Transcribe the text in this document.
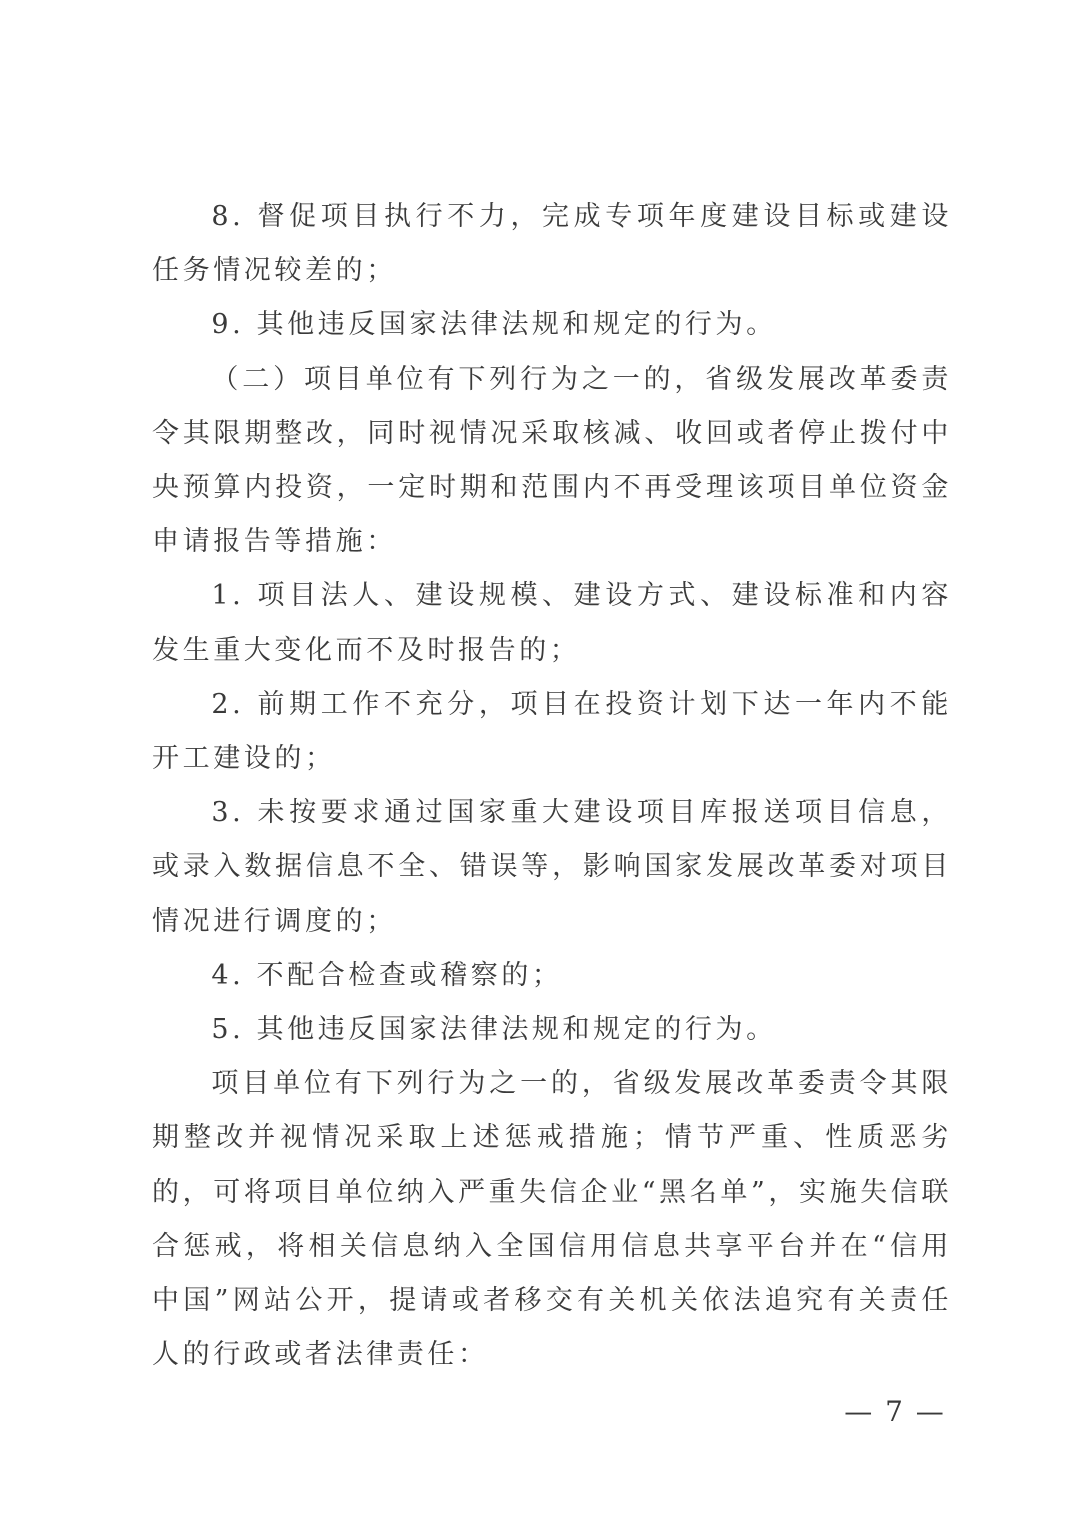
8. 督促项目执行不力，完成专项年度建设目标或建设任务情况较差的；

9. 其他违反国家法律法规和规定的行为。

（二）项目单位有下列行为之一的，省级发展改革委责令其限期整改，同时视情况采取核减、收回或者停止拨付中央预算内投资，一定时期和范围内不再受理该项目单位资金申请报告等措施：

1. 项目法人、建设规模、建设方式、建设标准和内容发生重大变化而不及时报告的；

2. 前期工作不充分，项目在投资计划下达一年内不能开工建设的；

3. 未按要求通过国家重大建设项目库报送项目信息，或录入数据信息不全、错误等，影响国家发展改革委对项目情况进行调度的；

4. 不配合检查或稽察的；

5. 其他违反国家法律法规和规定的行为。

项目单位有下列行为之一的，省级发展改革委责令其限期整改并视情况采取上述惩戒措施；情节严重、性质恶劣的，可将项目单位纳入严重失信企业“黑名单”，实施失信联合惩戒，将相关信息纳入全国信用信息共享平台并在“信用中国”网站公开，提请或者移交有关机关依法追究有关责任人的行政或者法律责任：

— 7 —
